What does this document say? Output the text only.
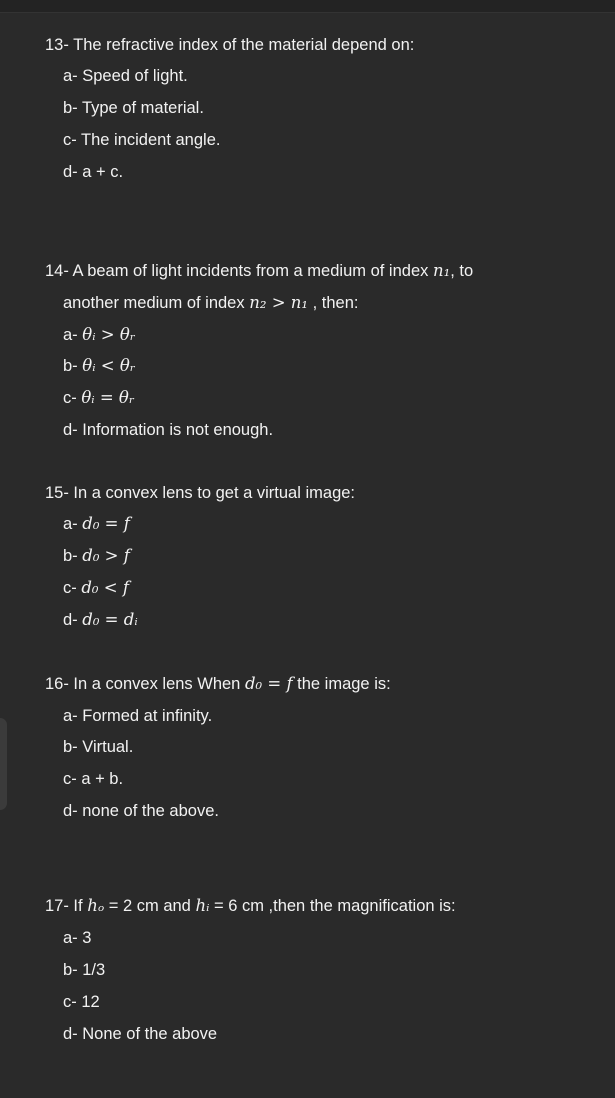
13- The refractive index of the material depend on:
a- Speed of light.
b- Type of material.
c- The incident angle.
d- a + c.
14- A beam of light incidents from a medium of index n₁, to
another medium of index n₂ > n₁ , then:
a- θᵢ > θᵣ
b- θᵢ < θᵣ
c- θᵢ = θᵣ
d- Information is not enough.
15- In a convex lens to get a virtual image:
a- d₀ = f
b- d₀ > f
c- d₀ < f
d- d₀ = dᵢ
16- In a convex lens When d₀ = f the image is:
a- Formed at infinity.
b- Virtual.
c- a + b.
d- none of the above.
17- If hₒ = 2 cm and hᵢ = 6 cm ,then the magnification is:
a- 3
b- 1/3
c- 12
d- None of the above
